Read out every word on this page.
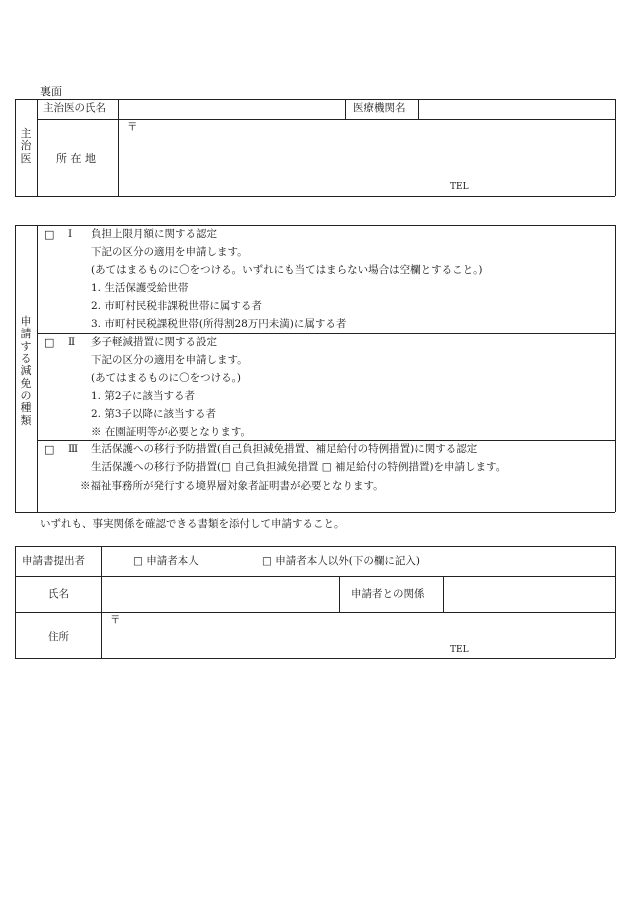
裏面
主
治
医
主治医の氏名	医療機関名
所 在 地
〒
TEL
申
請
す
る
減
免
の
種
類
□ Ⅰ 負担上限月額に関する認定
下記の区分の適用を申請します。
(あてはまるものに〇をつける。いずれにも当てはまらない場合は空欄とすること。)
1. 生活保護受給世帯
2. 市町村民税非課税世帯に属する者
3. 市町村民税課税世帯(所得割28万円未満)に属する者
□ Ⅱ 多子軽減措置に関する設定
下記の区分の適用を申請します。
(あてはまるものに〇をつける。)
1. 第2子に該当する者
2. 第3子以降に該当する者
※ 在園証明等が必要となります。
□ Ⅲ 生活保護への移行予防措置(自己負担減免措置、補足給付の特例措置)に関する認定
生活保護への移行予防措置(□ 自己負担減免措置 □ 補足給付の特例措置)を申請します。
※福祉事務所が発行する境界層対象者証明書が必要となります。
いずれも、事実関係を確認できる書類を添付して申請すること。
申請書提出者	□ 申請者本人	□ 申請者本人以外(下の欄に記入)
氏名	申請者との関係
住所
〒
TEL
